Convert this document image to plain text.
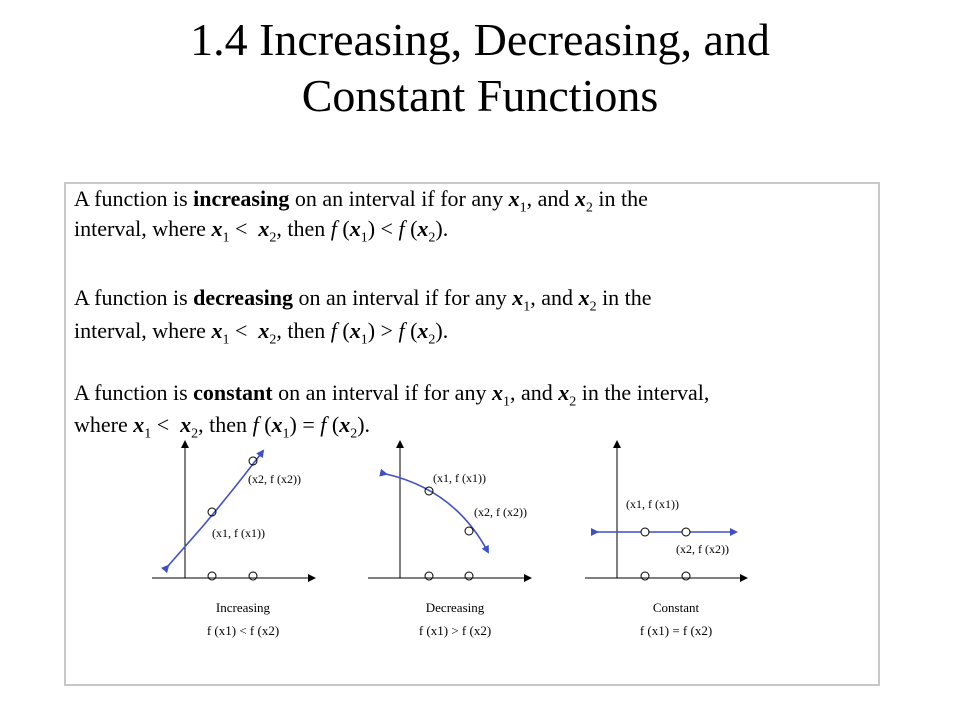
1.4 Increasing, Decreasing, and
Constant Functions
A function is increasing on an interval if for any $x_1$, and $x_2$ in the
interval, where $x_1 < x_2$, then f $(x_1) < f$ $(x_2)$.
A function is decreasing on an interval if for any $x_1$, and $x_2$ in the
interval, where $x_1 < x_2$, then f $(x_1) > f$ $(x_2)$.
A function is constant on an interval if for any $x_1$, and $x_2$ in the interval,
where $x_1 < x_2$, then f $(x_1) = f$ $(x_2)$.
(x1, f (x1))
(x2, f (x2))
Increasing
f (x1) < f (x2)
(x1, f (x1))
(x2, f (x2))
Decreasing
f (x1) > f (x2)
(x1, f (x1))
(x2, f (x2))
Constant
f (x1) = f (x2)
